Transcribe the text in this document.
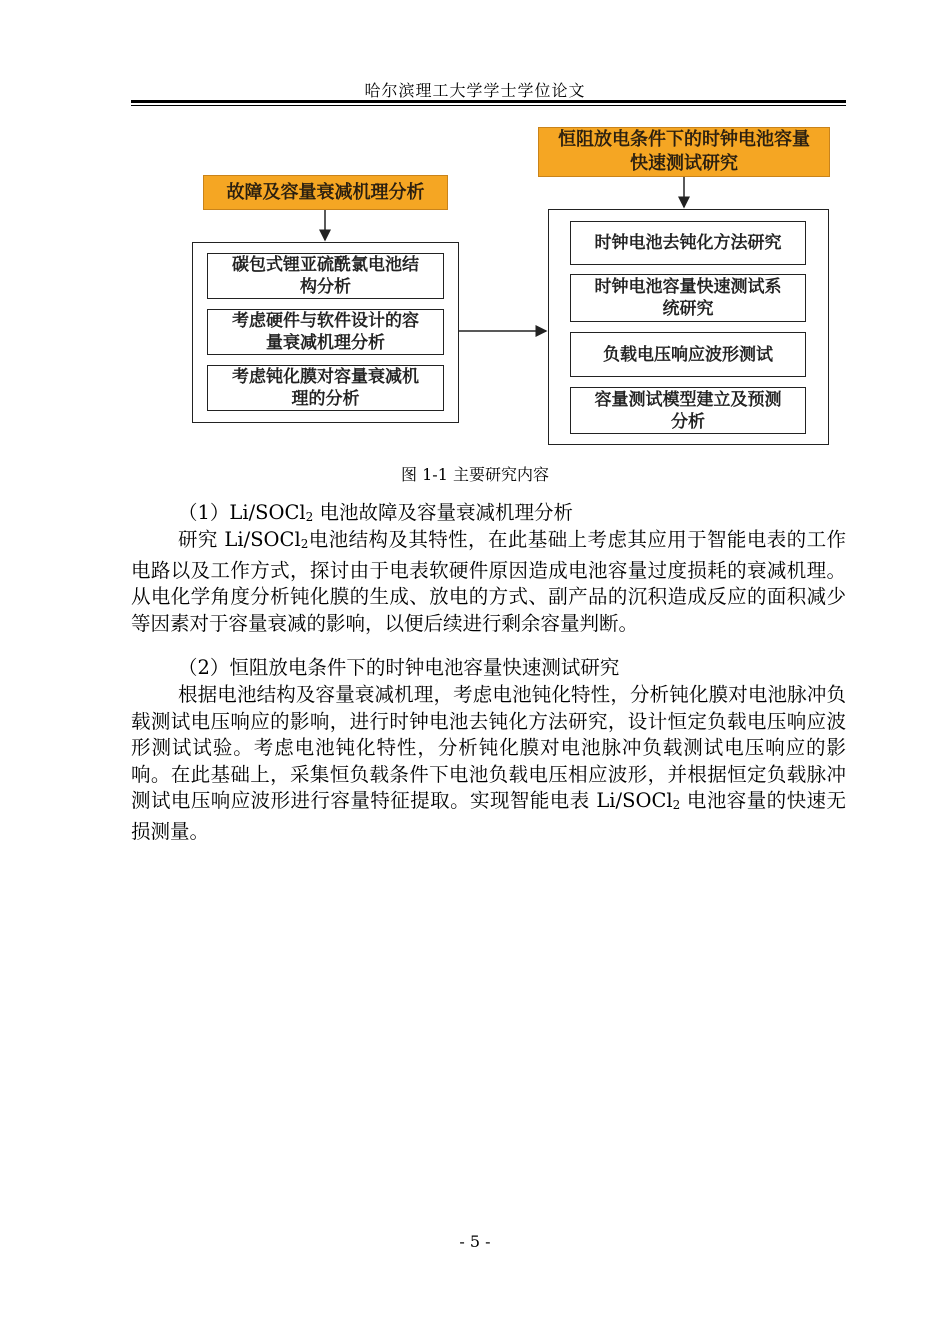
哈尔滨理工大学学士学位论文
故障及容量衰减机理分析
恒阻放电条件下的时钟电池容量
快速测试研究
碳包式锂亚硫酰氯电池结
构分析
考虑硬件与软件设计的容
量衰减机理分析
考虑钝化膜对容量衰减机
理的分析
时钟电池去钝化方法研究
时钟电池容量快速测试系
统研究
负载电压响应波形测试
容量测试模型建立及预测
分析
图 1-1 主要研究内容
（1）Li/SOCl$_2$ 电池故障及容量衰减机理分析
研究 Li/SOCl$_2$电池结构及其特性，在此基础上考虑其应用于智能电表的工作电路以及工作方式，探讨由于电表软硬件原因造成电池容量过度损耗的衰减机理。从电化学角度分析钝化膜的生成、放电的方式、副产品的沉积造成反应的面积减少等因素对于容量衰减的影响，以便后续进行剩余容量判断。
（2）恒阻放电条件下的时钟电池容量快速测试研究
根据电池结构及容量衰减机理，考虑电池钝化特性，分析钝化膜对电池脉冲负载测试电压响应的影响，进行时钟电池去钝化方法研究，设计恒定负载电压响应波形测试试验。考虑电池钝化特性，分析钝化膜对电池脉冲负载测试电压响应的影响。在此基础上，采集恒负载条件下电池负载电压相应波形，并根据恒定负载脉冲测试电压响应波形进行容量特征提取。实现智能电表 Li/SOCl$_2$ 电池容量的快速无损测量。
- 5 -
